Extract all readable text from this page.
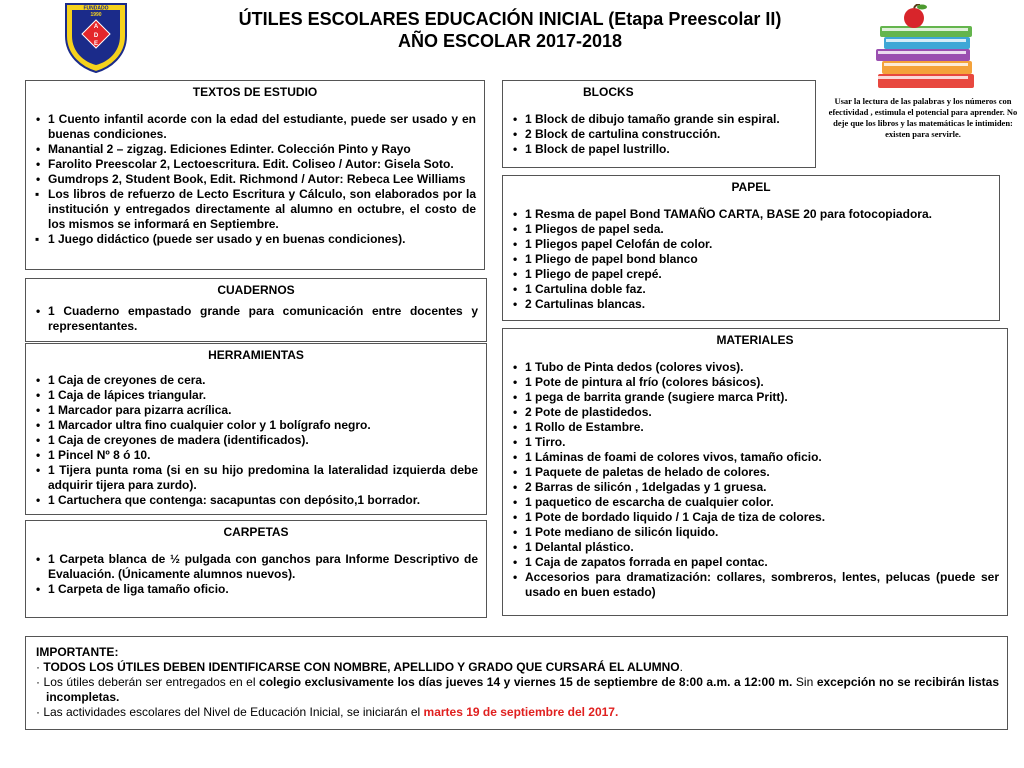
FUNDADO
1990
A
D
E
ÚTILES ESCOLARES EDUCACIÓN INICIAL (Etapa Preescolar II)
AÑO ESCOLAR 2017-2018
Usar la lectura de las palabras y los números con efectividad , estimula el potencial para aprender. No deje que los libros y las matemáticas le intimiden: existen para servirle.
TEXTOS DE ESTUDIO
• 1 Cuento infantil acorde con la edad del estudiante, puede ser usado y en buenas condiciones.
• Manantial 2 – zigzag. Ediciones Edinter. Colección Pinto y Rayo
• Farolito Preescolar 2, Lectoescritura. Edit. Coliseo / Autor: Gisela Soto.
• Gumdrops 2, Student Book, Edit. Richmond / Autor: Rebeca Lee Williams
▪ Los libros de refuerzo de Lecto Escritura y Cálculo, son elaborados por la institución y entregados directamente al alumno en octubre, el costo de los mismos se informará en Septiembre.
▪ 1 Juego didáctico (puede ser usado y en buenas condiciones).
BLOCKS
• 1 Block de dibujo tamaño grande sin espiral.
• 2 Block de cartulina construcción.
• 1 Block de papel lustrillo.
PAPEL
• 1 Resma de papel Bond TAMAÑO CARTA, BASE 20 para fotocopiadora.
• 1 Pliegos de papel seda.
• 1 Pliegos papel Celofán de color.
• 1 Pliego de papel bond blanco
• 1 Pliego de papel crepé.
• 1 Cartulina doble faz.
• 2 Cartulinas blancas.
CUADERNOS
• 1 Cuaderno empastado grande para comunicación entre docentes y representantes.
HERRAMIENTAS
• 1 Caja de creyones de cera.
• 1 Caja de lápices triangular.
• 1 Marcador para pizarra acrílica.
• 1 Marcador ultra fino cualquier color y 1 bolígrafo negro.
• 1 Caja de creyones de madera (identificados).
• 1 Pincel Nº 8 ó 10.
• 1 Tijera punta roma (si en su hijo predomina la lateralidad izquierda debe adquirir tijera para zurdo).
• 1 Cartuchera que contenga: sacapuntas con depósito,1 borrador.
CARPETAS
• 1 Carpeta blanca de ½ pulgada con ganchos para Informe Descriptivo de Evaluación. (Únicamente alumnos nuevos).
• 1 Carpeta de liga tamaño oficio.
MATERIALES
• 1 Tubo de Pinta dedos (colores vivos).
• 1 Pote de pintura al frío (colores básicos).
• 1 pega de barrita grande (sugiere marca Pritt).
• 2 Pote de plastidedos.
• 1 Rollo de Estambre.
• 1 Tirro.
• 1 Láminas de foami de colores vivos, tamaño oficio.
• 1 Paquete de paletas de helado de colores.
• 2 Barras de silicón , 1delgadas y 1 gruesa.
• 1 paquetico de escarcha de cualquier color.
• 1 Pote de bordado liquido / 1 Caja de tiza de colores.
• 1 Pote mediano de silicón liquido.
• 1 Delantal plástico.
• 1 Caja de zapatos forrada en papel contac.
• Accesorios para dramatización: collares, sombreros, lentes, pelucas (puede ser usado en buen estado)

IMPORTANTE:

· TODOS LOS ÚTILES DEBEN IDENTIFICARSE CON NOMBRE, APELLIDO Y GRADO QUE CURSARÁ EL ALUMNO.

· Los útiles deberán ser entregados en el colegio exclusivamente los días jueves 14 y viernes 15 de septiembre de 8:00 a.m. a 12:00 m. Sin excepción no se recibirán listas incompletas.

· Las actividades escolares del Nivel de Educación Inicial, se iniciarán el martes 19 de septiembre del 2017.
